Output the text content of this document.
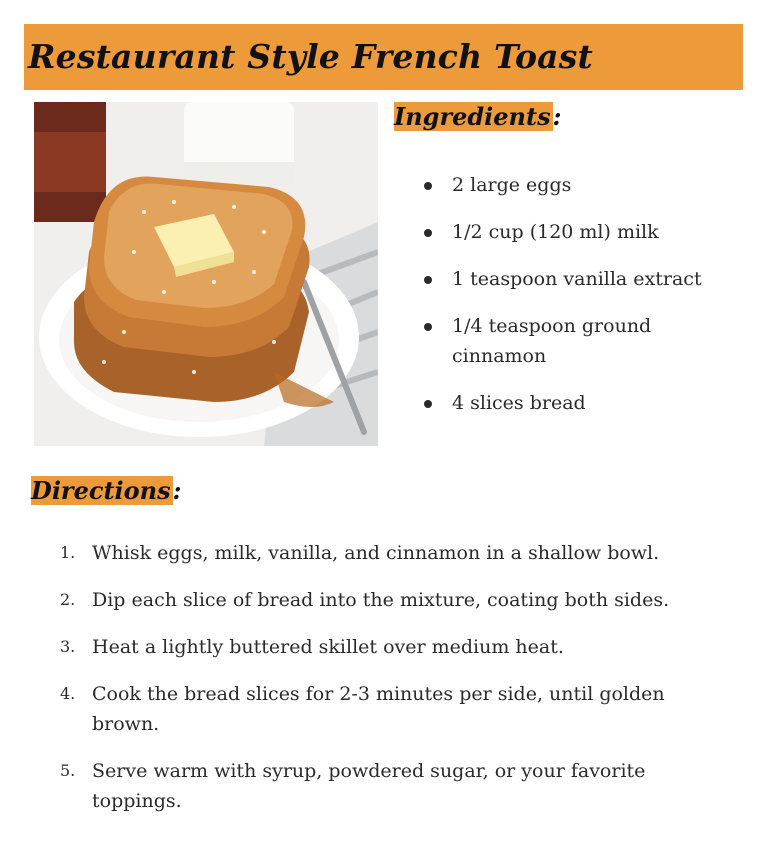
Restaurant Style French Toast
Ingredients:
2 large eggs
1/2 cup (120 ml) milk
1 teaspoon vanilla extract
1/4 teaspoon ground cinnamon
4 slices bread
Directions:
1. Whisk eggs, milk, vanilla, and cinnamon in a shallow bowl.
2. Dip each slice of bread into the mixture, coating both sides.
3. Heat a lightly buttered skillet over medium heat.
4. Cook the bread slices for 2-3 minutes per side, until golden brown.
5. Serve warm with syrup, powdered sugar, or your favorite toppings.
